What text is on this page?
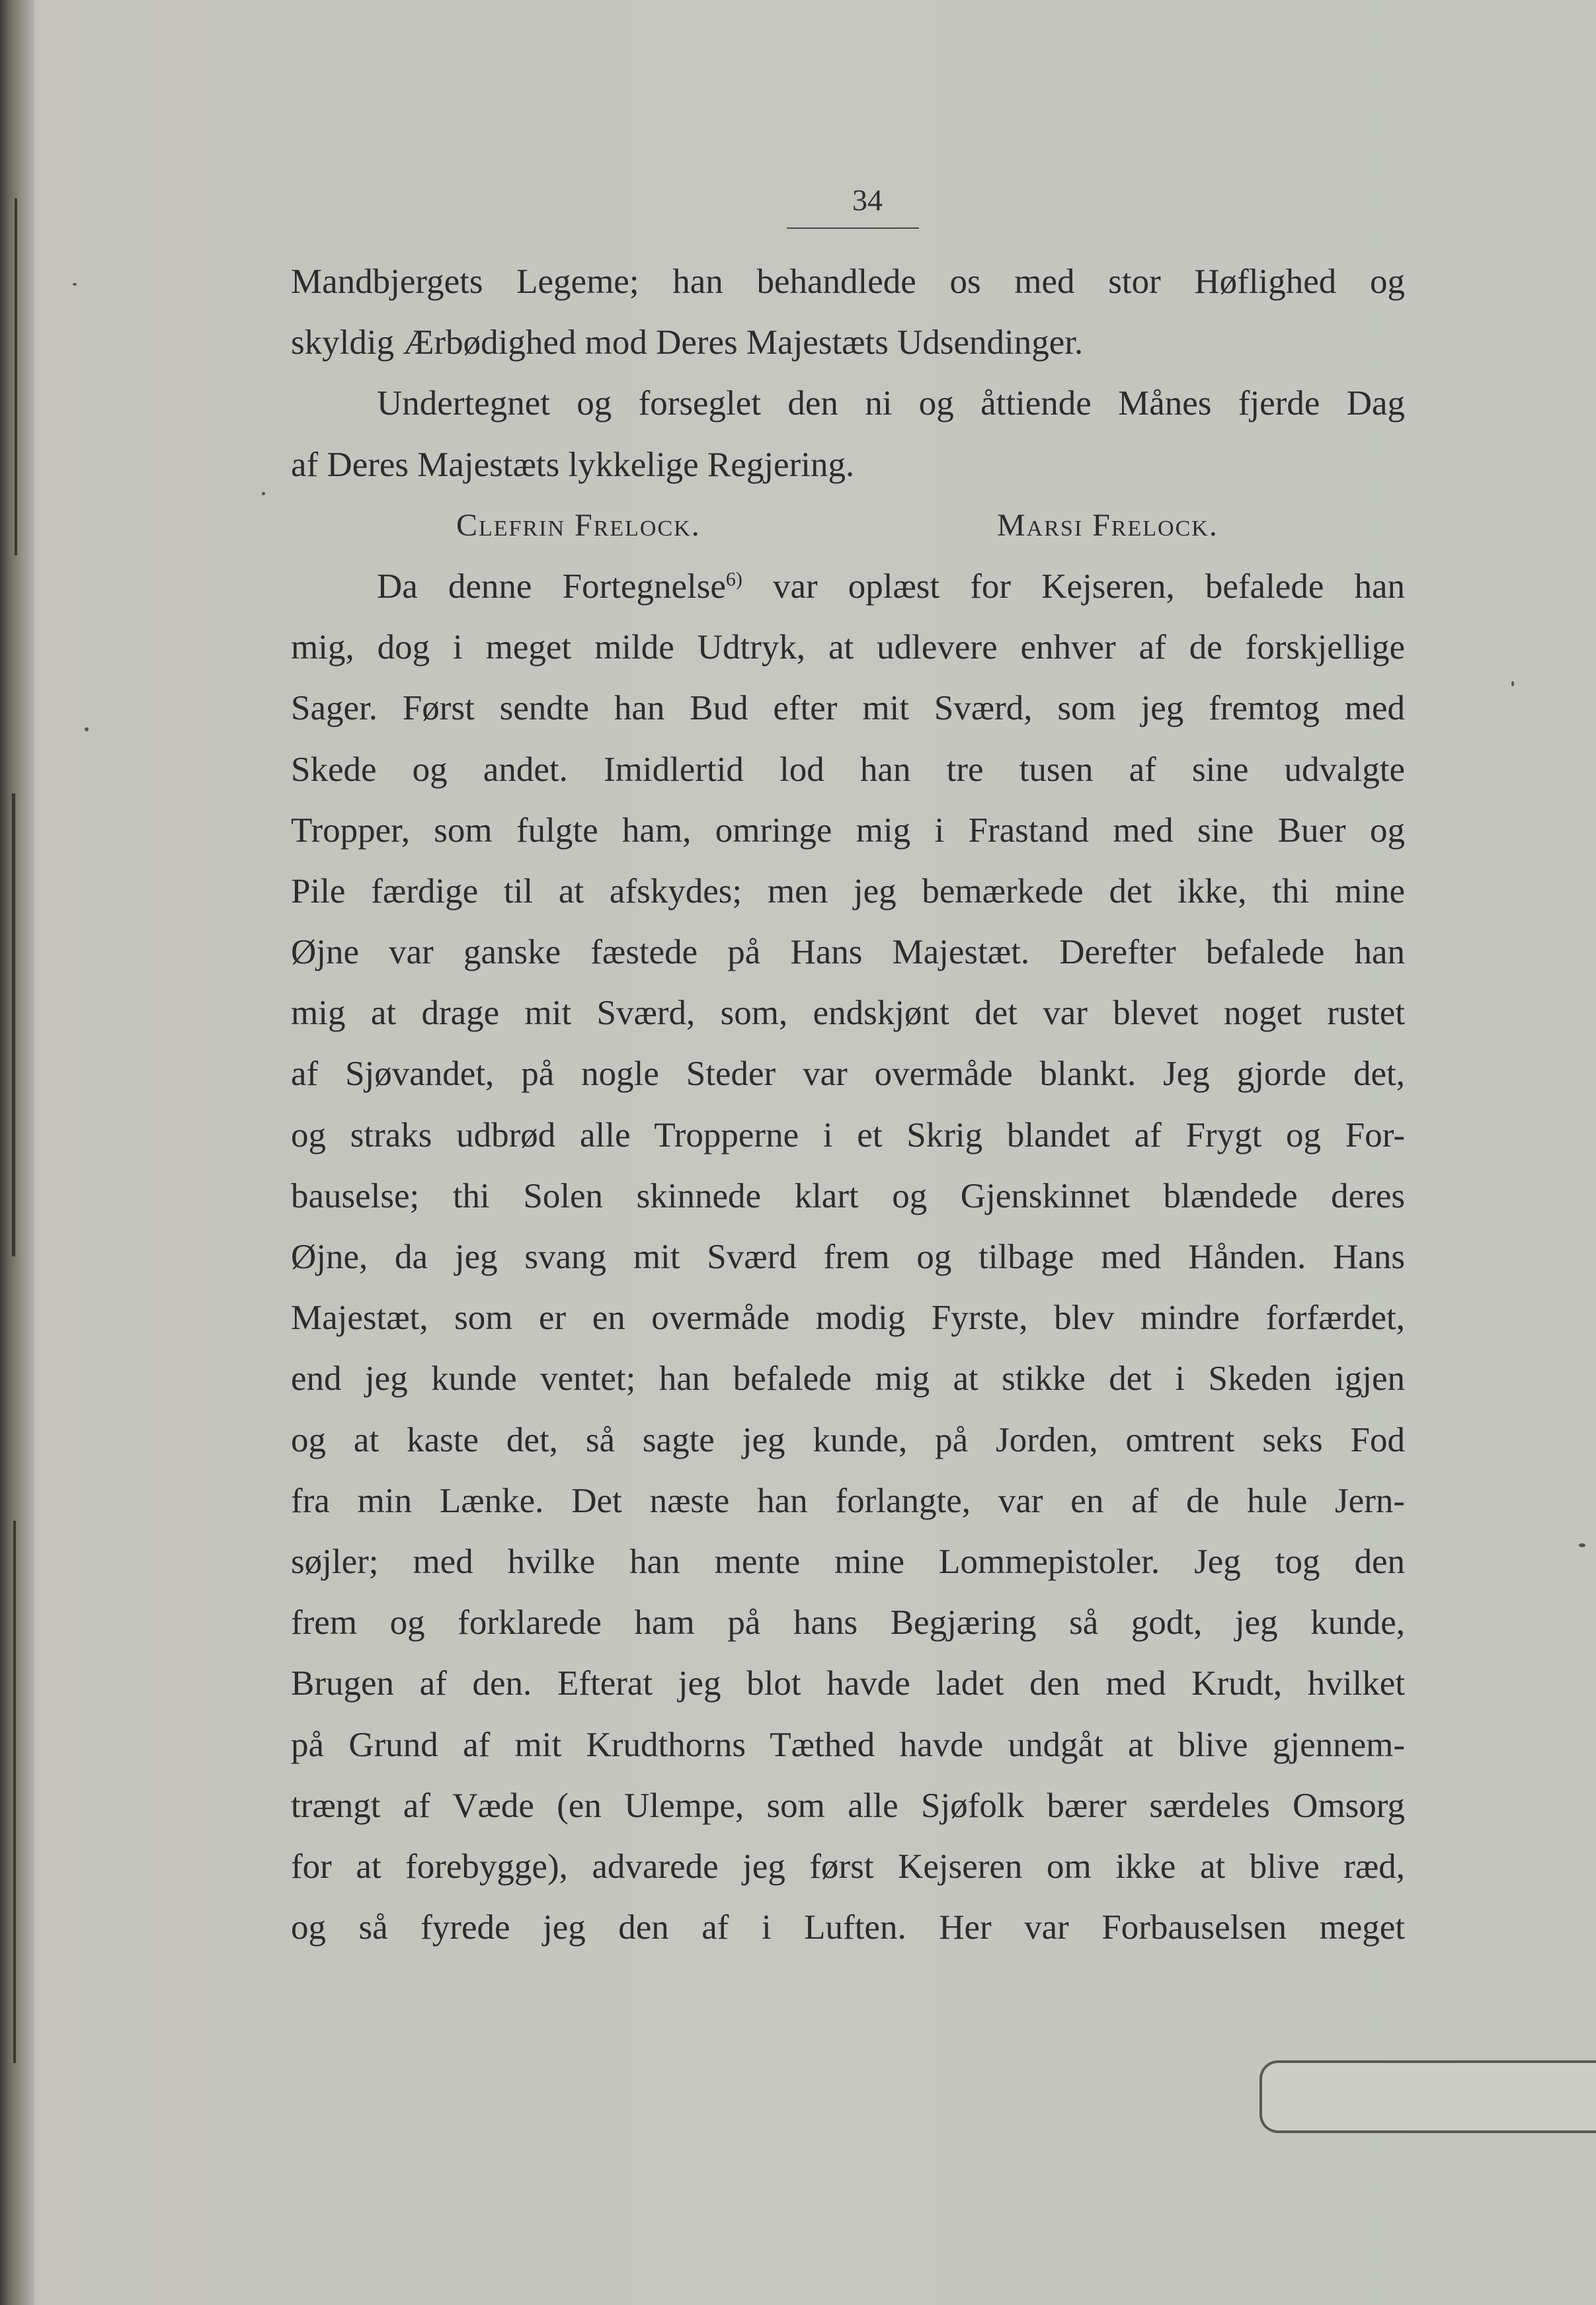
34
Mandbjergets Legeme; han behandlede os med stor Høflighed og
skyldig Ærbødighed mod Deres Majestæts Udsendinger.
Undertegnet og forseglet den ni og åttiende Månes fjerde Dag
af Deres Majestæts lykkelige Regjering.
Clefrin Frelock.	Marsi Frelock.
Da denne Fortegnelse$^{6)}$ var oplæst for Kejseren, befalede han
mig, dog i meget milde Udtryk, at udlevere enhver af de forskjellige
Sager. Først sendte han Bud efter mit Sværd, som jeg fremtog med
Skede og andet. Imidlertid lod han tre tusen af sine udvalgte
Tropper, som fulgte ham, omringe mig i Frastand med sine Buer og
Pile færdige til at afskydes; men jeg bemærkede det ikke, thi mine
Øjne var ganske fæstede på Hans Majestæt. Derefter befalede han
mig at drage mit Sværd, som, endskjønt det var blevet noget rustet
af Sjøvandet, på nogle Steder var overmåde blankt. Jeg gjorde det,
og straks udbrød alle Tropperne i et Skrig blandet af Frygt og For-
bauselse; thi Solen skinnede klart og Gjenskinnet blændede deres
Øjne, da jeg svang mit Sværd frem og tilbage med Hånden. Hans
Majestæt, som er en overmåde modig Fyrste, blev mindre forfærdet,
end jeg kunde ventet; han befalede mig at stikke det i Skeden igjen
og at kaste det, så sagte jeg kunde, på Jorden, omtrent seks Fod
fra min Lænke. Det næste han forlangte, var en af de hule Jern-
søjler; med hvilke han mente mine Lommepistoler. Jeg tog den
frem og forklarede ham på hans Begjæring så godt, jeg kunde,
Brugen af den. Efterat jeg blot havde ladet den med Krudt, hvilket
på Grund af mit Krudthorns Tæthed havde undgåt at blive gjennem-
trængt af Væde (en Ulempe, som alle Sjøfolk bærer særdeles Omsorg
for at forebygge), advarede jeg først Kejseren om ikke at blive ræd,
og så fyrede jeg den af i Luften. Her var Forbauselsen meget
